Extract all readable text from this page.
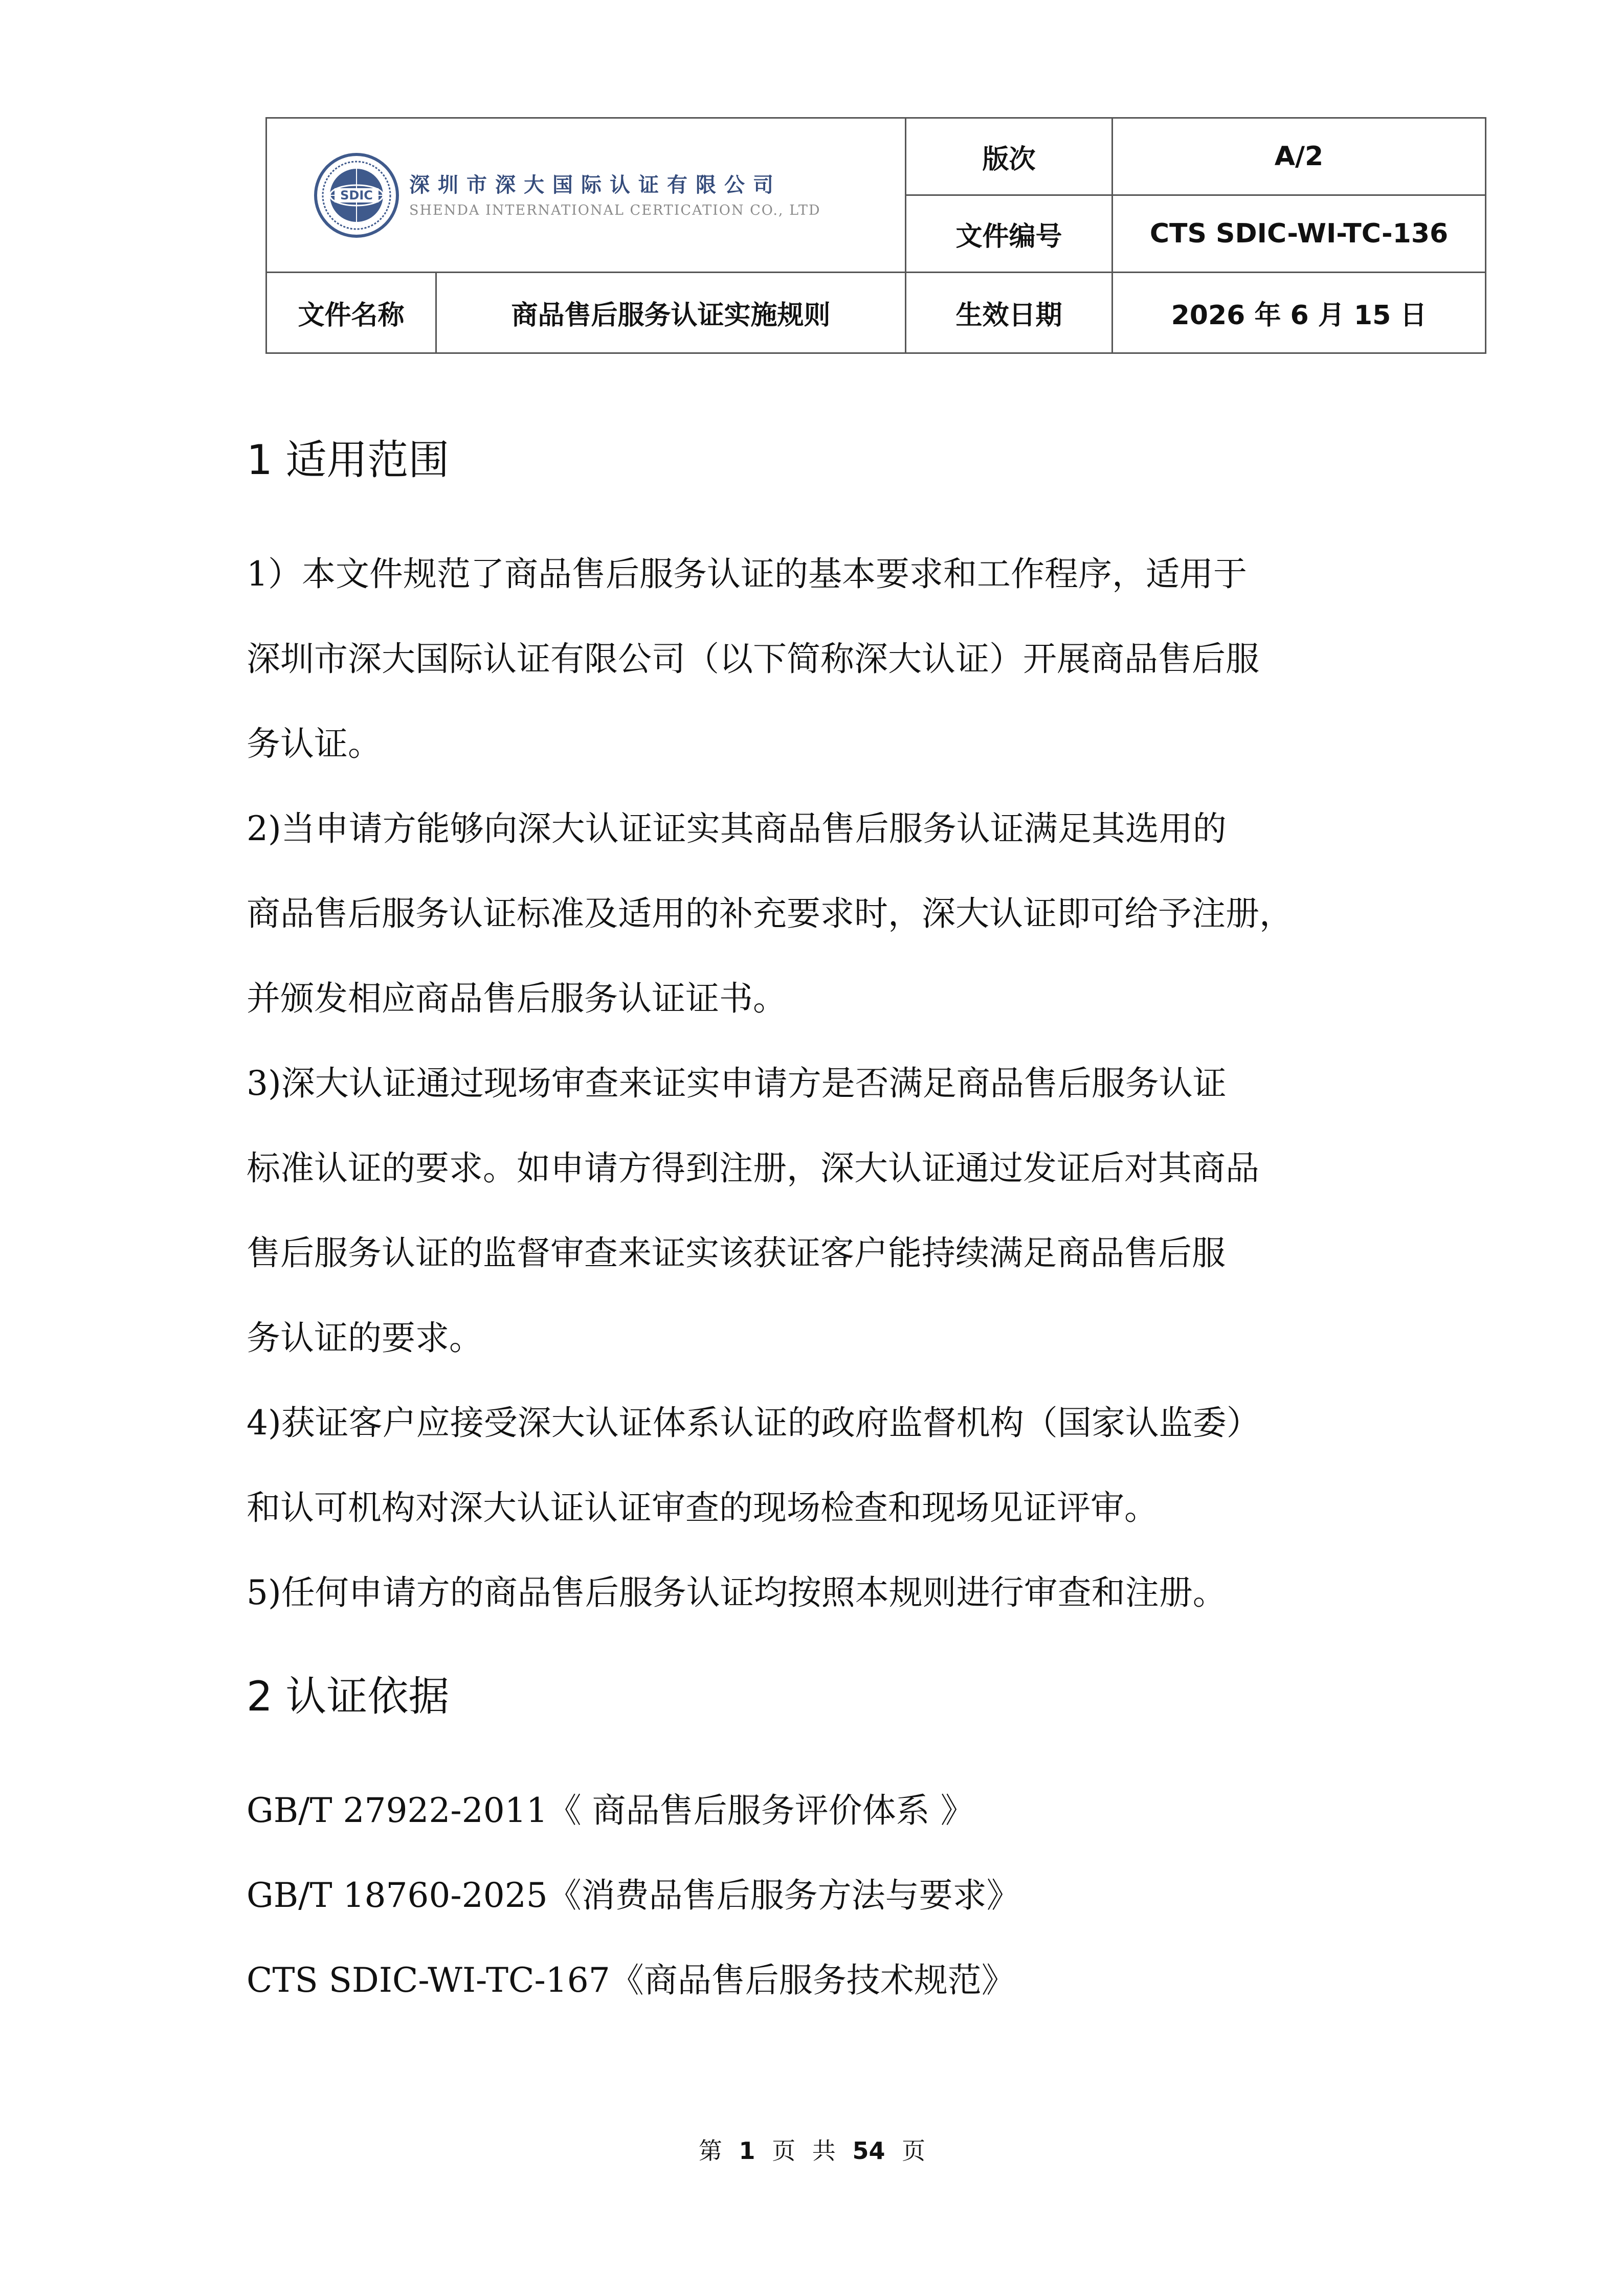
SDIC 深圳市深大国际认证有限公司
SHENDA INTERNATIONAL CERTICATION CO., LTD		版次	A/2
		文件编号	CTS SDIC-WI-TC-136
文件名称	商品售后服务认证实施规则	生效日期	2026 年 6 月 15 日
1 适用范围

1）本文件规范了商品售后服务认证的基本要求和工作程序，适用于

深圳市深大国际认证有限公司（以下简称深大认证）开展商品售后服

务认证。

2)当申请方能够向深大认证证实其商品售后服务认证满足其选用的

商品售后服务认证标准及适用的补充要求时，深大认证即可给予注册，

并颁发相应商品售后服务认证证书。

3)深大认证通过现场审查来证实申请方是否满足商品售后服务认证

标准认证的要求。如申请方得到注册，深大认证通过发证后对其商品

售后服务认证的监督审查来证实该获证客户能持续满足商品售后服

务认证的要求。

4)获证客户应接受深大认证体系认证的政府监督机构（国家认监委）

和认可机构对深大认证认证审查的现场检查和现场见证评审。

5)任何申请方的商品售后服务认证均按照本规则进行审查和注册。

2 认证依据

GB/T 27922-2011《 商品售后服务评价体系 》

GB/T 18760-2025《消费品售后服务方法与要求》

CTS SDIC-WI-TC-167《商品售后服务技术规范》

第 1 页 共 54 页
